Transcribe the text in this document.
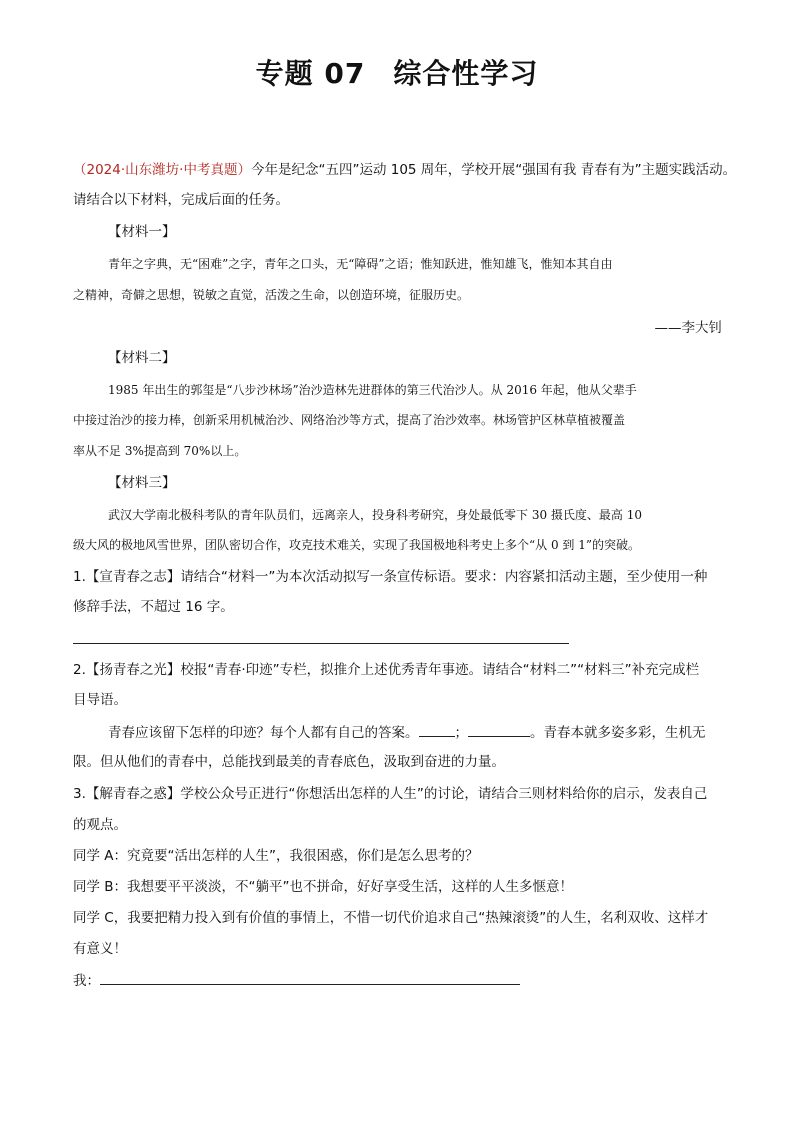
专题 07 综合性学习
（2024·山东潍坊·中考真题）今年是纪念“五四”运动 105 周年，学校开展“强国有我 青春有为”主题实践活动。
请结合以下材料，完成后面的任务。
【材料一】
青年之字典，无“困难”之字，青年之口头，无“障碍”之语；惟知跃进，惟知雄飞，惟知本其自由
之精神，奇僻之思想，锐敏之直觉，活泼之生命，以创造环境，征服历史。
——李大钊
【材料二】
1985 年出生的郭玺是“八步沙林场”治沙造林先进群体的第三代治沙人。从 2016 年起，他从父辈手
中接过治沙的接力棒，创新采用机械治沙、网络治沙等方式，提高了治沙效率。林场管护区林草植被覆盖
率从不足 3%提高到 70%以上。
【材料三】
武汉大学南北极科考队的青年队员们，远离亲人，投身科考研究，身处最低零下 30 摄氏度、最高 10
级大风的极地风雪世界，团队密切合作，攻克技术难关，实现了我国极地科考史上多个“从 0 到 1”的突破。
1.【宣青春之志】请结合“材料一”为本次活动拟写一条宣传标语。要求：内容紧扣活动主题，至少使用一种
修辞手法，不超过 16 字。
2.【扬青春之光】校报“青春·印迹”专栏，拟推介上述优秀青年事迹。请结合“材料二”“材料三”补充完成栏
目导语。
青春应该留下怎样的印迹？每个人都有自己的答案。	；	。青春本就多姿多彩，生机无
限。但从他们的青春中，总能找到最美的青春底色，汲取到奋进的力量。
3.【解青春之惑】学校公众号正进行“你想活出怎样的人生”的讨论，请结合三则材料给你的启示，发表自己
的观点。
同学 A：究竟要“活出怎样的人生”，我很困惑，你们是怎么思考的？
同学 B：我想要平平淡淡，不“躺平”也不拼命，好好享受生活，这样的人生多惬意！
同学 C，我要把精力投入到有价值的事情上，不惜一切代价追求自己“热辣滚烫”的人生，名利双收、这样才
有意义！
我：
